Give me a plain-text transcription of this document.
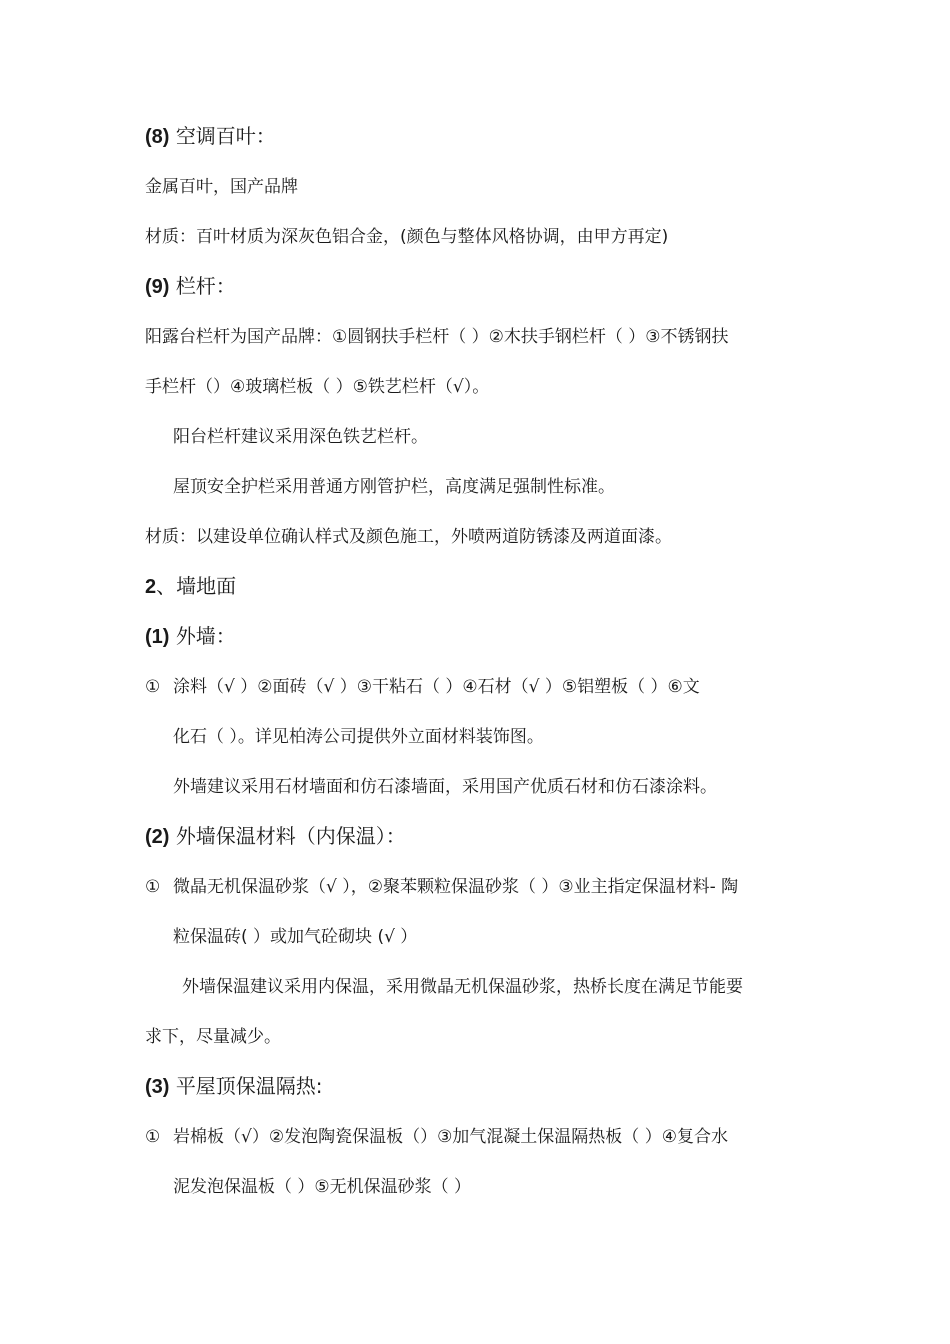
(8) 空调百叶：
金属百叶，国产品牌
材质：百叶材质为深灰色铝合金，(颜色与整体风格协调，由甲方再定)
(9) 栏杆：
阳露台栏杆为国产品牌：①圆钢扶手栏杆（ ）②木扶手钢栏杆（ ）③不锈钢扶
手栏杆（）④玻璃栏板（ ）⑤铁艺栏杆（√）。
阳台栏杆建议采用深色铁艺栏杆。
屋顶安全护栏采用普通方刚管护栏，高度满足强制性标准。
材质：以建设单位确认样式及颜色施工，外喷两道防锈漆及两道面漆。
2、墙地面
(1) 外墙：
① 涂料（√ ）②面砖（√ ）③干粘石（ ）④石材（√ ）⑤铝塑板（ ）⑥文
化石（ ）。详见柏涛公司提供外立面材料装饰图。
外墙建议采用石材墙面和仿石漆墙面，采用国产优质石材和仿石漆涂料。
(2) 外墙保温材料（内保温）：
① 微晶无机保温砂浆（√ ），②聚苯颗粒保温砂浆（ ）③业主指定保温材料- 陶
粒保温砖( ）或加气砼砌块 (√ ）
外墙保温建议采用内保温，采用微晶无机保温砂浆，热桥长度在满足节能要
求下，尽量减少。
(3) 平屋顶保温隔热:
① 岩棉板（√）②发泡陶瓷保温板（）③加气混凝土保温隔热板（ ）④复合水
泥发泡保温板（ ）⑤无机保温砂浆（ ）
